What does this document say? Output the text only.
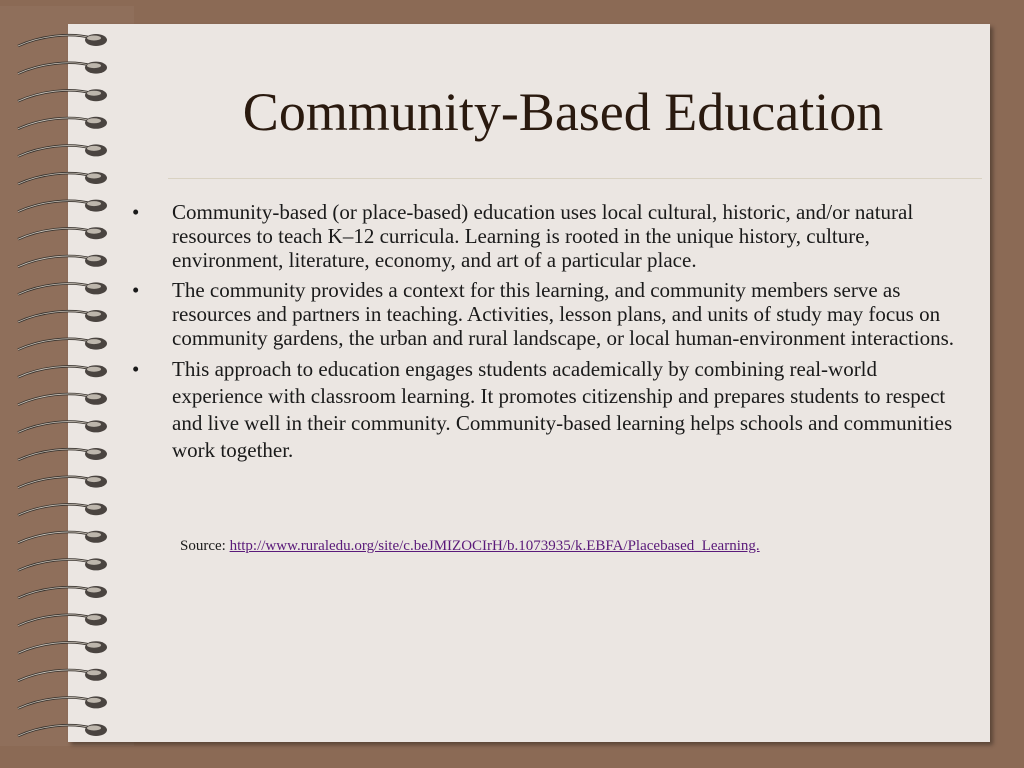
Community-Based Education
•	Community-based (or place-based) education uses local cultural, historic, and/or natural resources to teach K–12 curricula. Learning is rooted in the unique history, culture, environment, literature, economy, and art of a particular place.
•	The community provides a context for this learning, and community members serve as resources and partners in teaching. Activities, lesson plans, and units of study may focus on community gardens, the urban and rural landscape, or local human-environment interactions.
•	This approach to education engages students academically by combining real-world experience with classroom learning. It promotes citizenship and prepares students to respect and live well in their community. Community-based learning helps schools and communities work together.
Source: http://www.ruraledu.org/site/c.beJMIZOCIrH/b.1073935/k.EBFA/Placebased_Learning.
